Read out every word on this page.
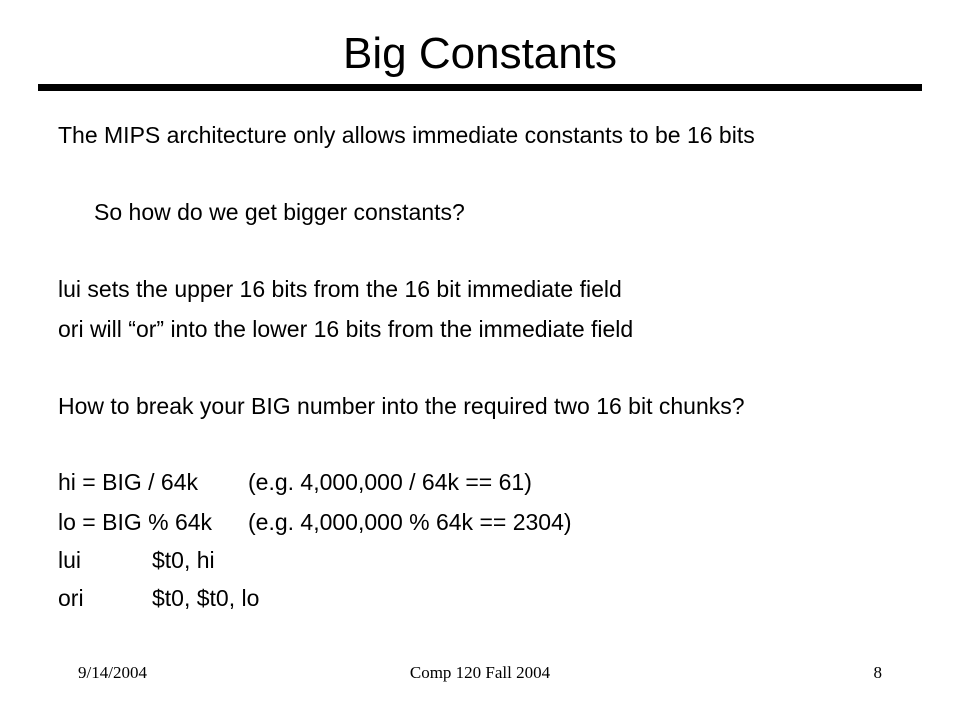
Big Constants
The MIPS architecture only allows immediate constants to be 16 bits
So how do we get bigger constants?
lui sets the upper 16 bits from the 16 bit immediate field
ori will “or” into the lower 16 bits from the immediate field
How to break your BIG number into the required two 16 bit chunks?
hi = BIG / 64k (e.g. 4,000,000 / 64k == 61)
lo = BIG % 64k (e.g. 4,000,000 % 64k == 2304)
lui	$t0, hi
ori	$t0, $t0, lo
9/14/2004	Comp 120 Fall 2004	8
